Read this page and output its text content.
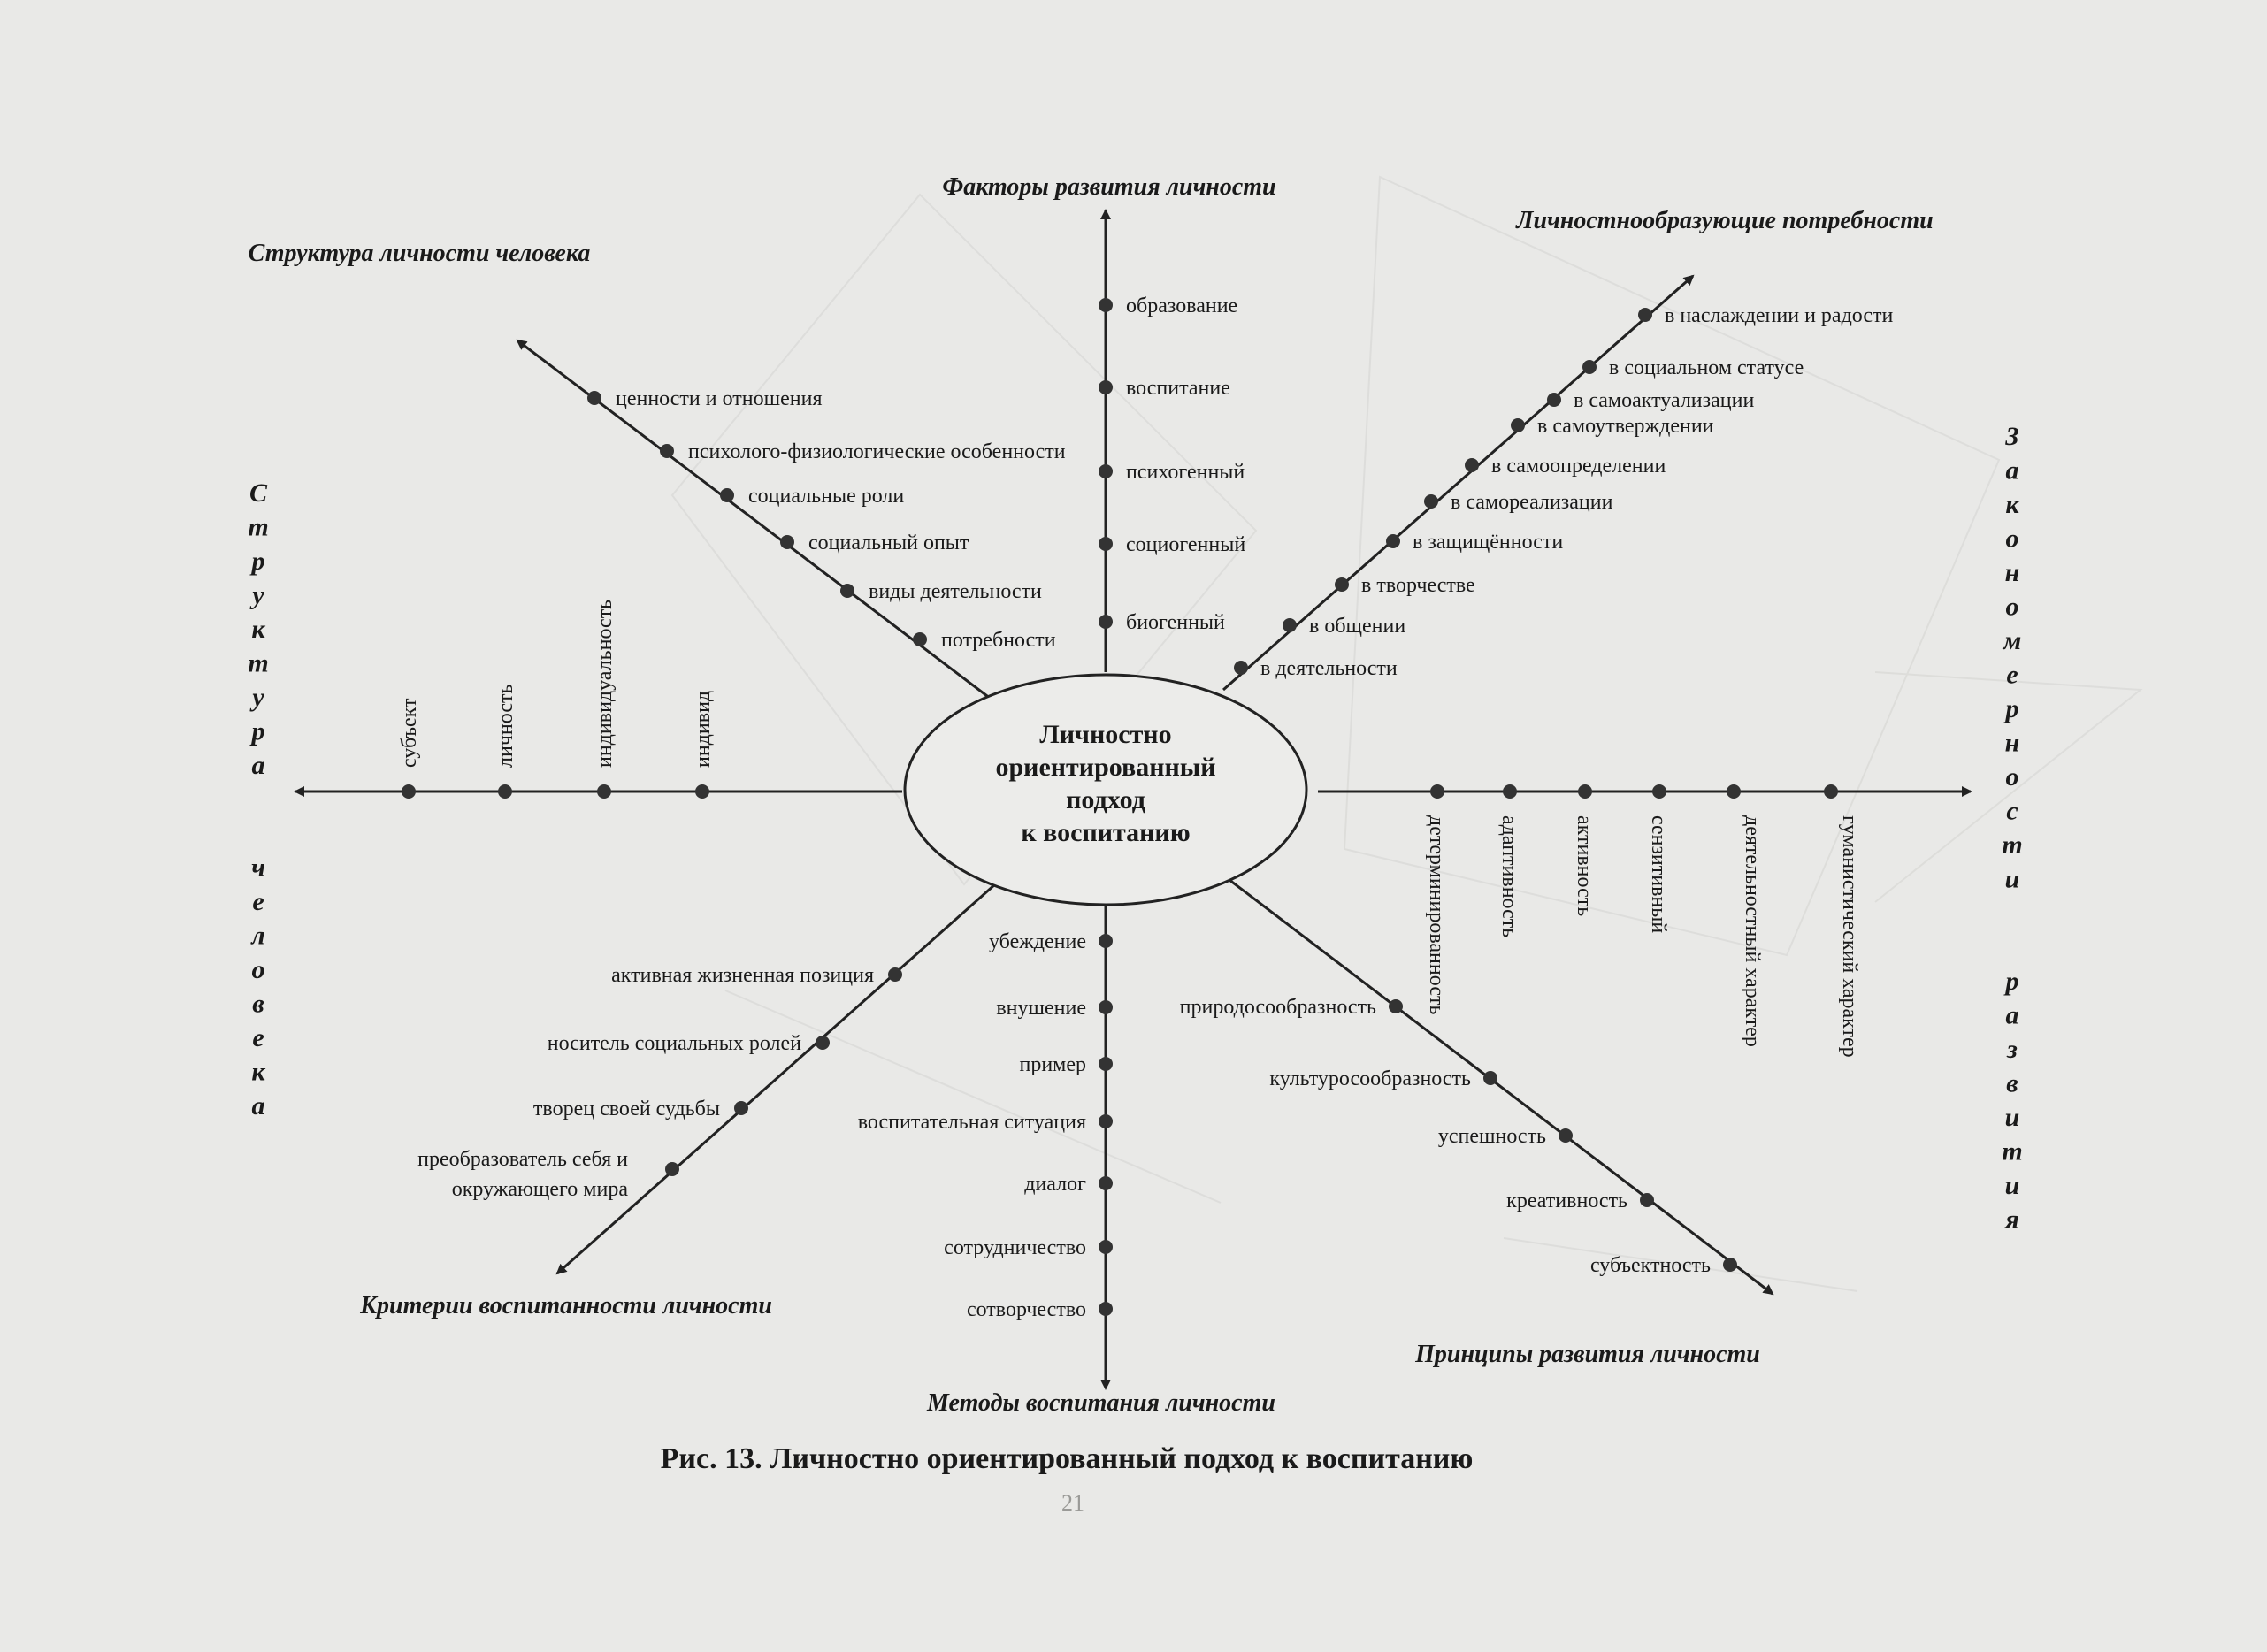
Личностно
ориентированный
подход
к воспитанию
Факторы развития личности
Личностнообразующие потребности
Структура личности человека
Критерии воспитанности личности
Методы воспитания личности
Принципы развития личности
С т р у к т у р а ч е л о в е к а
З а к о н о м е р н о с т и р а з в и т и я
образование
воспитание
психогенный
социогенный
биогенный
в наслаждении и радости
в социальном статусе
в самоактуализации
в самоутверждении
в самоопределении
в самореализации
в защищённости
в творчестве
в общении
в деятельности
ценности и отношения
психолого-физиологические особенности
социальные роли
социальный опыт
виды деятельности
потребности
субъект	личность	индивидуальность	индивид
детерминированность адаптивность активность сензитивный	деятельностный характер	гуманистический характер
убеждение
внушение
пример
воспитательная ситуация
диалог
сотрудничество
сотворчество
активная жизненная позиция
носитель социальных ролей
творец своей судьбы
преобразователь себя и окружающего мира
природосообразность
культуросообразность
успешность
креативность
субъектность
Рис. 13. Личностно ориентированный подход к воспитанию
21
